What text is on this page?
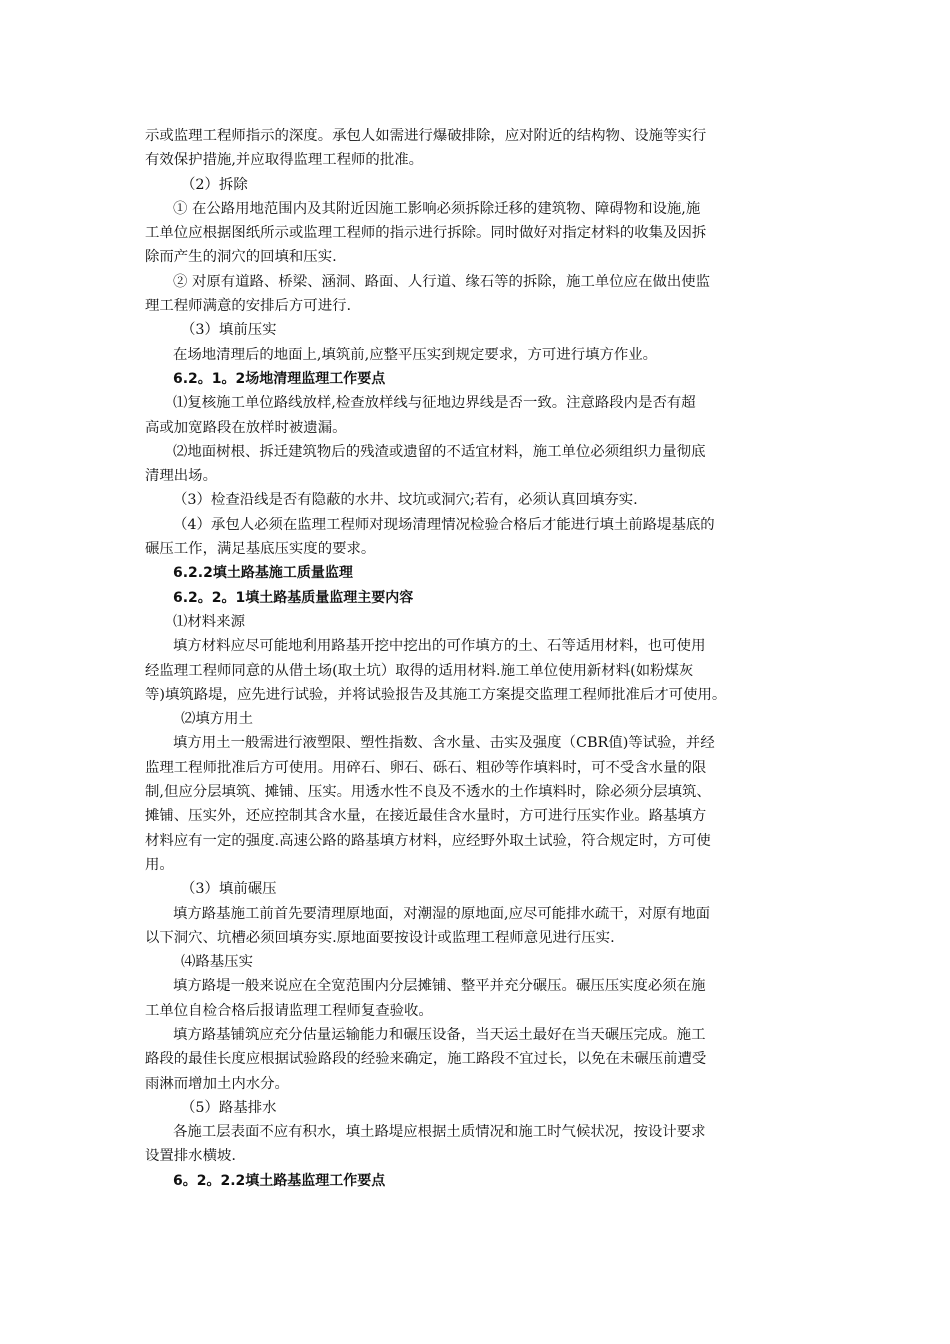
示或监理工程师指示的深度。承包人如需进行爆破排除，应对附近的结构物、设施等实行
有效保护措施,并应取得监理工程师的批准。
（2）拆除
① 在公路用地范围内及其附近因施工影响必须拆除迁移的建筑物、障碍物和设施,施
工单位应根据图纸所示或监理工程师的指示进行拆除。同时做好对指定材料的收集及因拆
除而产生的洞穴的回填和压实.
② 对原有道路、桥梁、涵洞、路面、人行道、缘石等的拆除，施工单位应在做出使监
理工程师满意的安排后方可进行.
（3）填前压实
在场地清理后的地面上,填筑前,应整平压实到规定要求，方可进行填方作业。
6.2。1。2场地清理监理工作要点
⑴复核施工单位路线放样,检查放样线与征地边界线是否一致。注意路段内是否有超
高或加宽路段在放样时被遗漏。
⑵地面树根、拆迁建筑物后的残渣或遗留的不适宜材料，施工单位必须组织力量彻底
清理出场。
（3）检查沿线是否有隐蔽的水井、坟坑或洞穴;若有，必须认真回填夯实.
（4）承包人必须在监理工程师对现场清理情况检验合格后才能进行填土前路堤基底的
碾压工作，满足基底压实度的要求。
6.2.2填土路基施工质量监理
6.2。2。1填土路基质量监理主要内容
⑴材料来源
填方材料应尽可能地利用路基开挖中挖出的可作填方的土、石等适用材料，也可使用
经监理工程师同意的从借土场(取土坑）取得的适用材料.施工单位使用新材料(如粉煤灰
等)填筑路堤，应先进行试验，并将试验报告及其施工方案提交监理工程师批准后才可使用。
⑵填方用土
填方用土一般需进行液塑限、塑性指数、含水量、击实及强度（CBR值)等试验，并经
监理工程师批准后方可使用。用碎石、卵石、砾石、粗砂等作填料时，可不受含水量的限
制,但应分层填筑、摊铺、压实。用透水性不良及不透水的土作填料时，除必须分层填筑、
摊铺、压实外，还应控制其含水量，在接近最佳含水量时，方可进行压实作业。路基填方
材料应有一定的强度.高速公路的路基填方材料，应经野外取土试验，符合规定时，方可使
用。
（3）填前碾压
填方路基施工前首先要清理原地面，对潮湿的原地面,应尽可能排水疏干，对原有地面
以下洞穴、坑槽必须回填夯实.原地面要按设计或监理工程师意见进行压实.
⑷路基压实
填方路堤一般来说应在全宽范围内分层摊铺、整平并充分碾压。碾压压实度必须在施
工单位自检合格后报请监理工程师复查验收。
填方路基铺筑应充分估量运输能力和碾压设备，当天运土最好在当天碾压完成。施工
路段的最佳长度应根据试验路段的经验来确定，施工路段不宜过长，以免在未碾压前遭受
雨淋而增加土内水分。
（5）路基排水
各施工层表面不应有积水，填土路堤应根据土质情况和施工时气候状况，按设计要求
设置排水横坡.
6。2。2.2填土路基监理工作要点
